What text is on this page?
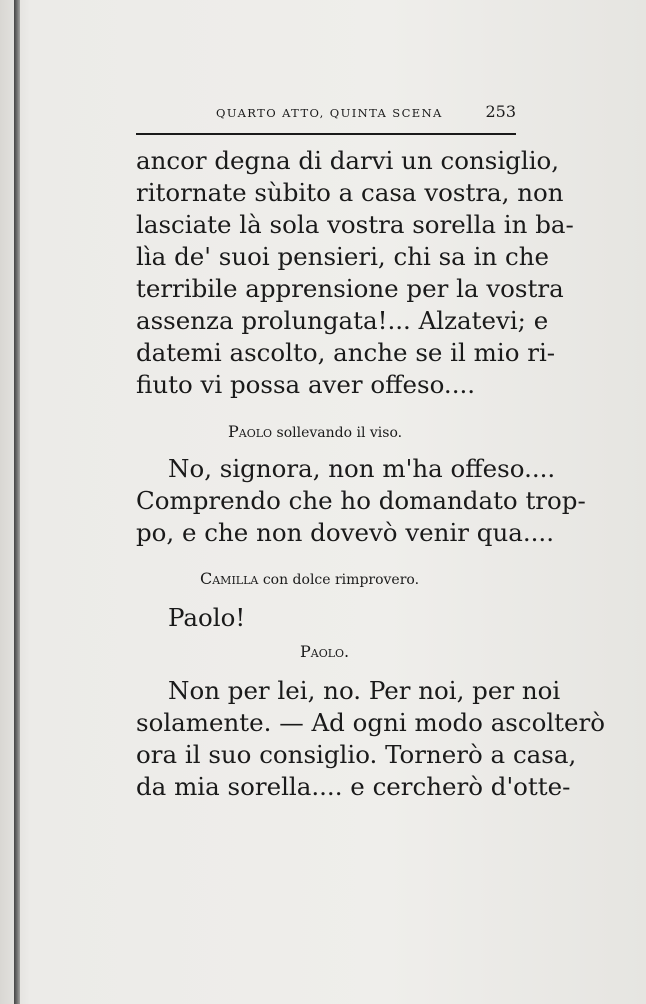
QUARTO ATTO, QUINTA SCENA	253
ancor degna di darvi un consiglio,
ritornate sùbito a casa vostra, non
lasciate là sola vostra sorella in ba-
lìa de' suoi pensieri, chi sa in che
terribile apprensione per la vostra
assenza prolungata!... Alzatevi; e
datemi ascolto, anche se il mio ri-
fiuto vi possa aver offeso....
Paolo sollevando il viso.
No, signora, non m'ha offeso....
Comprendo che ho domandato trop-
po, e che non dovevò venir qua....
Camilla con dolce rimprovero.
Paolo!
Paolo.
Non per lei, no. Per noi, per noi
solamente. — Ad ogni modo ascolterò
ora il suo consiglio. Tornerò a casa,
da mia sorella.... e cercherò d'otte-
